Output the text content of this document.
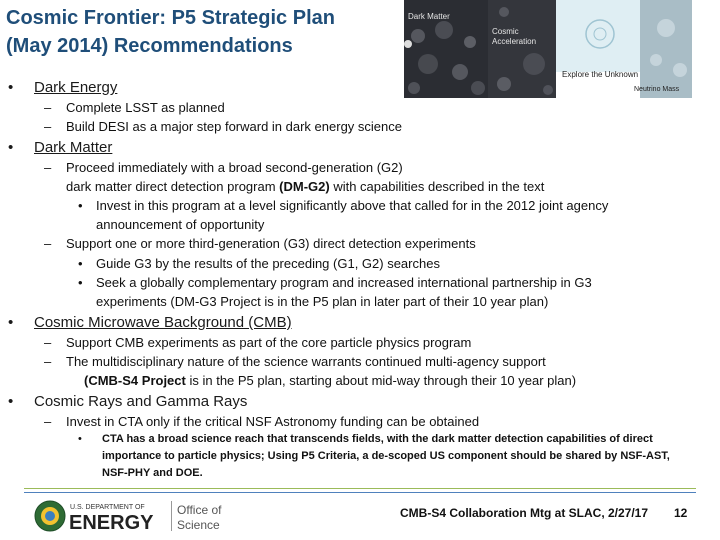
Cosmic Frontier: P5 Strategic Plan
(May 2014) Recommendations
Dark Matter
Cosmic
Acceleration
Explore the Unknown
Neutrino Mass
• Dark Energy
– Complete LSST as planned
– Build DESI as a major step forward in dark energy science
• Dark Matter
– Proceed immediately with a broad second-generation (G2)
dark matter direct detection program (DM-G2) with capabilities described in the text
• Invest in this program at a level significantly above that called for in the 2012 joint agency
announcement of opportunity
– Support one or more third-generation (G3) direct detection experiments
• Guide G3 by the results of the preceding (G1, G2) searches
• Seek a globally complementary program and increased international partnership in G3
experiments (DM-G3 Project is in the P5 plan in later part of their 10 year plan)
• Cosmic Microwave Background (CMB)
– Support CMB experiments as part of the core particle physics program
– The multidisciplinary nature of the science warrants continued multi-agency support
(CMB-S4 Project is in the P5 plan, starting about mid-way through their 10 year plan)
• Cosmic Rays and Gamma Rays
– Invest in CTA only if the critical NSF Astronomy funding can be obtained
• CTA has a broad science reach that transcends fields, with the dark matter detection capabilities of direct
importance to particle physics; Using P5 Criteria, a de-scoped US component should be shared by NSF-AST,
NSF-PHY and DOE.
U.S. DEPARTMENT OF
ENERGY
Office of
Science
CMB-S4 Collaboration Mtg at SLAC, 2/27/17 12
